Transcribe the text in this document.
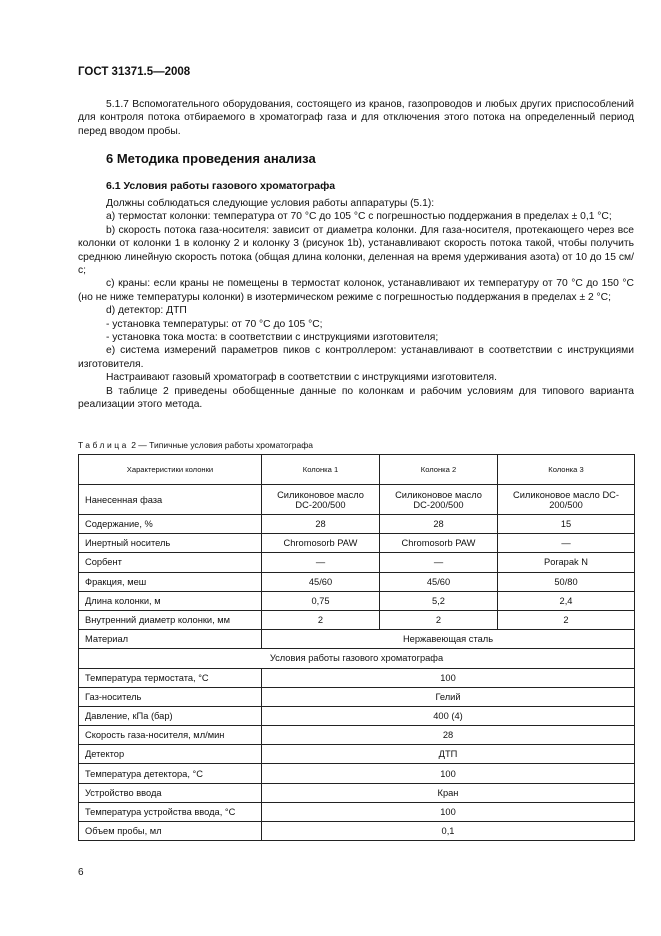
ГОСТ 31371.5—2008

5.1.7 Вспомогательного оборудования, состоящего из кранов, газопроводов и любых других приспособлений для контроля потока отбираемого в хроматограф газа и для отключения этого потока на определенный период перед вводом пробы.

6 Методика проведения анализа
6.1 Условия работы газового хроматографа

Должны соблюдаться следующие условия работы аппаратуры (5.1):

a) термостат колонки: температура от 70 °С до 105 °С с погрешностью поддержания в пределах ± 0,1 °С;

b) скорость потока газа-носителя: зависит от диаметра колонки. Для газа-носителя, протекающего через все колонки от колонки 1 в колонку 2 и колонку 3 (рисунок 1b), устанавливают скорость потока такой, чтобы получить среднюю линейную скорость потока (общая длина колонки, деленная на время удерживания азота) от 10 до 15 см/с;

c) краны: если краны не помещены в термостат колонок, устанавливают их температуру от 70 °С до 150 °С (но не ниже температуры колонки) в изотермическом режиме с погрешностью поддержания в пределах ± 2 °С;

d) детектор: ДТП

- установка температуры: от 70 °С до 105 °С;

- установка тока моста: в соответствии с инструкциями изготовителя;

e) система измерений параметров пиков с контроллером: устанавливают в соответствии с инструкциями изготовителя.

Настраивают газовый хроматограф в соответствии с инструкциями изготовителя.

В таблице 2 приведены обобщенные данные по колонкам и рабочим условиям для типового варианта реализации этого метода.

Таблица 2 — Типичные условия работы хроматографа
Характеристики колонки	Колонка 1	Колонка 2	Колонка 3
Нанесенная фаза	Силиконовое масло DC-200/500	Силиконовое масло DC-200/500	Силиконовое масло DC-200/500
Содержание, %	28	28	15
Инертный носитель	Chromosorb PAW	Chromosorb PAW	—
Сорбент	—	—	Porapak N
Фракция, меш	45/60	45/60	50/80
Длина колонки, м	0,75	5,2	2,4
Внутренний диаметр колонки, мм	2	2	2
Материал	Нержавеющая сталь		
Условия работы газового хроматографа			
Температура термостата, °С	100		
Газ-носитель	Гелий		
Давление, кПа (бар)	400 (4)		
Скорость газа-носителя, мл/мин	28		
Детектор	ДТП		
Температура детектора, °С	100		
Устройство ввода	Кран		
Температура устройства ввода, °С	100		
Объем пробы, мл	0,1		
6
